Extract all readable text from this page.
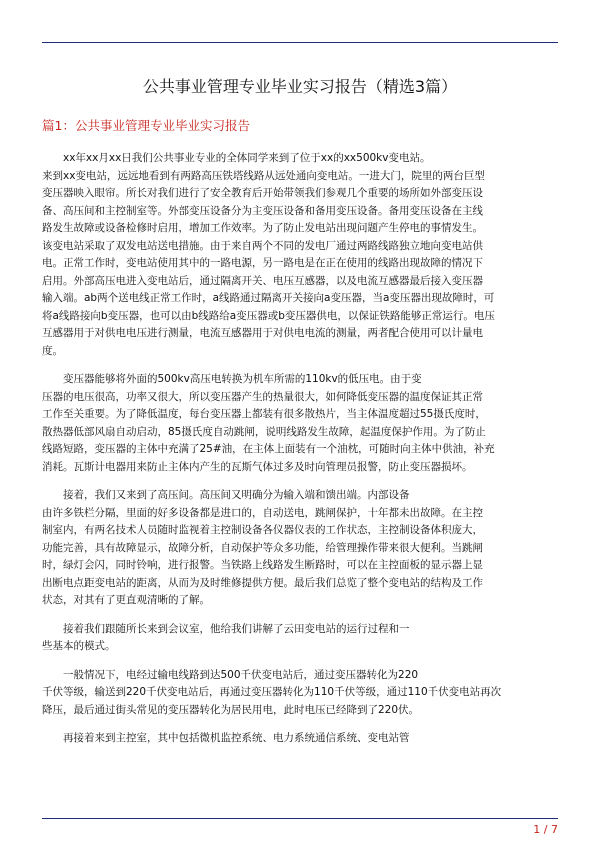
公共事业管理专业毕业实习报告（精选3篇）
篇1：公共事业管理专业毕业实习报告
xx年xx月xx日我们公共事业专业的全体同学来到了位于xx的xx500kv变电站。
来到xx变电站，远远地看到有两路高压铁塔线路从远处通向变电站。一进大门，院里的两台巨型
变压器映入眼帘。所长对我们进行了安全教育后开始带领我们参观几个重要的场所如外部变压设
备、高压间和主控制室等。外部变压设备分为主变压设备和备用变压设备。备用变压设备在主线
路发生故障或设备检修时启用，增加工作效率。为了防止发电站出现问题产生停电的事情发生。
该变电站采取了双发电站送电措施。由于来自两个不同的发电厂通过两路线路独立地向变电站供
电。正常工作时，变电站使用其中的一路电源，另一路电是在正在使用的线路出现故障的情况下
启用。外部高压电进入变电站后，通过隔离开关、电压互感器，以及电流互感器最后接入变压器
输入端。ab两个送电线正常工作时，a线路通过隔离开关接向a变压器，当a变压器出现故障时，可
将a线路接向b变压器，也可以由b线路给a变压器或b变压器供电，以保证铁路能够正常运行。电压
互感器用于对供电电压进行测量，电流互感器用于对供电电流的测量，两者配合使用可以计量电
度。
变压器能够将外面的500kv高压电转换为机车所需的110kv的低压电。由于变
压器的电压很高，功率又很大，所以变压器产生的热量很大，如何降低变压器的温度保证其正常
工作至关重要。为了降低温度，每台变压器上都装有很多散热片，当主体温度超过55摄氏度时，
散热器低部风扇自动启动，85摄氏度自动跳闸，说明线路发生故障，起温度保护作用。为了防止
线路短路，变压器的主体中充满了25#油，在主体上面装有一个油枕，可随时向主体中供油，补充
消耗。瓦斯计电器用来防止主体内产生的瓦斯气体过多及时向管理员报警，防止变压器损坏。
接着，我们又来到了高压间。高压间又明确分为输入端和馈出端。内部设备
由许多铁栏分隔，里面的好多设备都是进口的，自动送电，跳闸保护，十年都未出故障。在主控
制室内，有两名技术人员随时监视着主控制设备各仪器仪表的工作状态，主控制设备体积庞大，
功能完善，具有故障显示，故障分析，自动保护等众多功能，给管理操作带来很大便利。当跳闸
时，绿灯会闪，同时铃响，进行报警。当铁路上线路发生断路时，可以在主控面板的显示器上显
出断电点距变电站的距离，从而为及时维修提供方便。最后我们总览了整个变电站的结构及工作
状态，对其有了更直观清晰的了解。
接着我们跟随所长来到会议室，他给我们讲解了云田变电站的运行过程和一
些基本的模式。
一般情况下，电经过输电线路到达500千伏变电站后，通过变压器转化为220
千伏等级，输送到220千伏变电站后，再通过变压器转化为110千伏等级，通过110千伏变电站再次
降压，最后通过街头常见的变压器转化为居民用电，此时电压已经降到了220伏。
再接着来到主控室，其中包括微机监控系统、电力系统通信系统、变电站管
1 / 7
